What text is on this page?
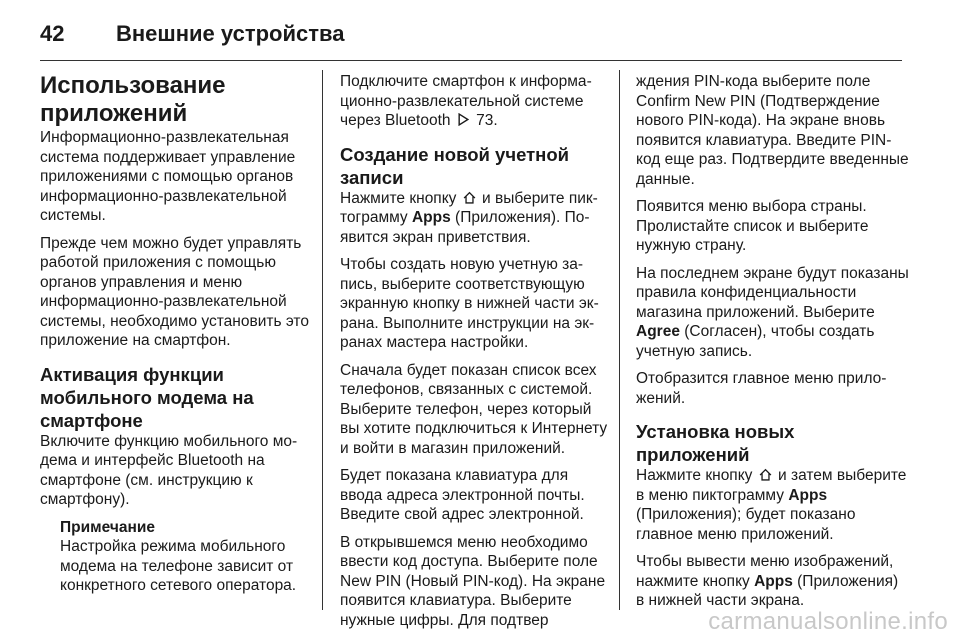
42	Внешние устройства
Использование приложений

Информационно-развлекательная система поддерживает управление приложениями с помощью органов информационно-развлекательной системы.

Прежде чем можно будет управлять работой приложения с помощью органов управления и меню информационно-развлекательной системы, необходимо установить это приложение на смартфон.

Активация функции мобильного модема на смартфоне

Включите функцию мобильного модема и интерфейс Bluetooth на смартфоне (см. инструкцию к смартфону).

Примечание
Настройка режима мобильного модема на телефоне зависит от конкретного сетевого оператора.

Подключите смартфон к информационно-развлекательной системе через Bluetooth  73.

Создание новой учетной записи

Нажмите кнопку  и выберите пиктограмму Apps (Приложения). Появится экран приветствия.

Чтобы создать новую учетную запись, выберите соответствующую экранную кнопку в нижней части экрана. Выполните инструкции на экранах мастера настройки.

Сначала будет показан список всех телефонов, связанных с системой. Выберите телефон, через который вы хотите подключиться к Интернету и войти в магазин приложений.

Будет показана клавиатура для ввода адреса электронной почты. Введите свой адрес электронной.

В открывшемся меню необходимо ввести код доступа. Выберите поле New PIN (Новый PIN-код). На экране появится клавиатура. Выберите нужные цифры. Для подтвер

ждения PIN-кода выберите поле Confirm New PIN (Подтверждение нового PIN-кода). На экране вновь появится клавиатура. Введите PIN-код еще раз. Подтвердите введенные данные.

Появится меню выбора страны. Пролистайте список и выберите нужную страну.

На последнем экране будут показаны правила конфиденциальности магазина приложений. Выберите Agree (Согласен), чтобы создать учетную запись.

Отобразится главное меню приложений.

Установка новых приложений

Нажмите кнопку  и затем выберите в меню пиктограмму Apps (Приложения); будет показано главное меню приложений.

Чтобы вывести меню изображений, нажмите кнопку Apps (Приложения) в нижней части экрана.

carmanualsonline.info
